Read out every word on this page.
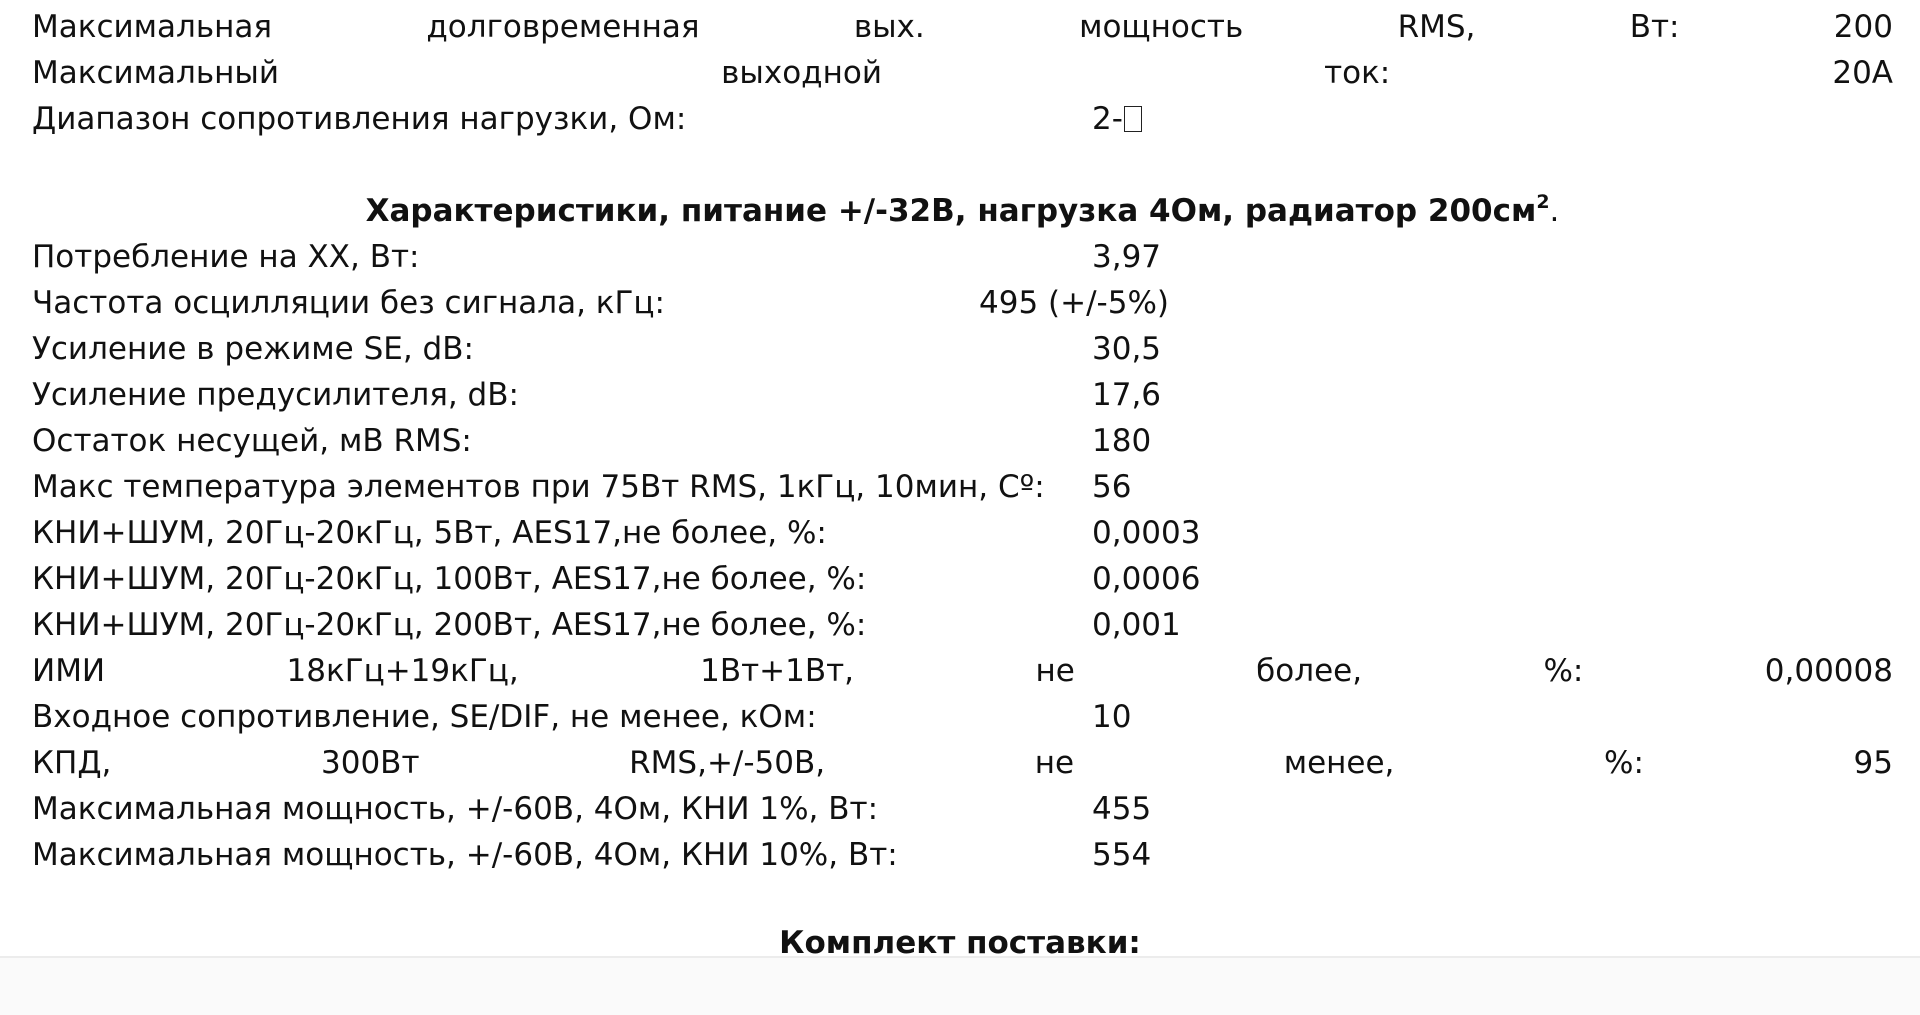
Максимальная	долговременная	вых.	мощность	RMS,	Вт:	200
Максимальный	выходной	ток:	20А
Диапазон сопротивления нагрузки, Ом:	2-
Характеристики, питание +/-32В, нагрузка 4Ом, радиатор $200см^2$.
Потребление на ХХ, Вт:	3,97
Частота осцилляции без сигнала, кГц:	495 (+/-5%)
Усиление в режиме SE, dB:	30,5
Усиление предусилителя, dB:	17,6
Остаток несущей, мВ RMS:	180
Макс температура элементов при 75Вт RMS, 1кГц, 10мин, Cº:	56
КНИ+ШУМ, 20Гц-20кГц, 5Вт, AES17,не более, %:	0,0003
КНИ+ШУМ, 20Гц-20кГц, 100Вт, AES17,не более, %:	0,0006
КНИ+ШУМ, 20Гц-20кГц, 200Вт, AES17,не более, %:	0,001
ИМИ	18кГц+19кГц,	1Вт+1Вт,	не	более,	%:	0,00008
Входное сопротивление, SE/DIF, не менее, кОм:	10
КПД,	300Вт	RMS,+/-50В,	не	менее,	%:	95
Максимальная мощность, +/-60В, 4Ом, КНИ 1%, Вт:	455
Максимальная мощность, +/-60В, 4Ом, КНИ 10%, Вт:	554
Комплект поставки:
